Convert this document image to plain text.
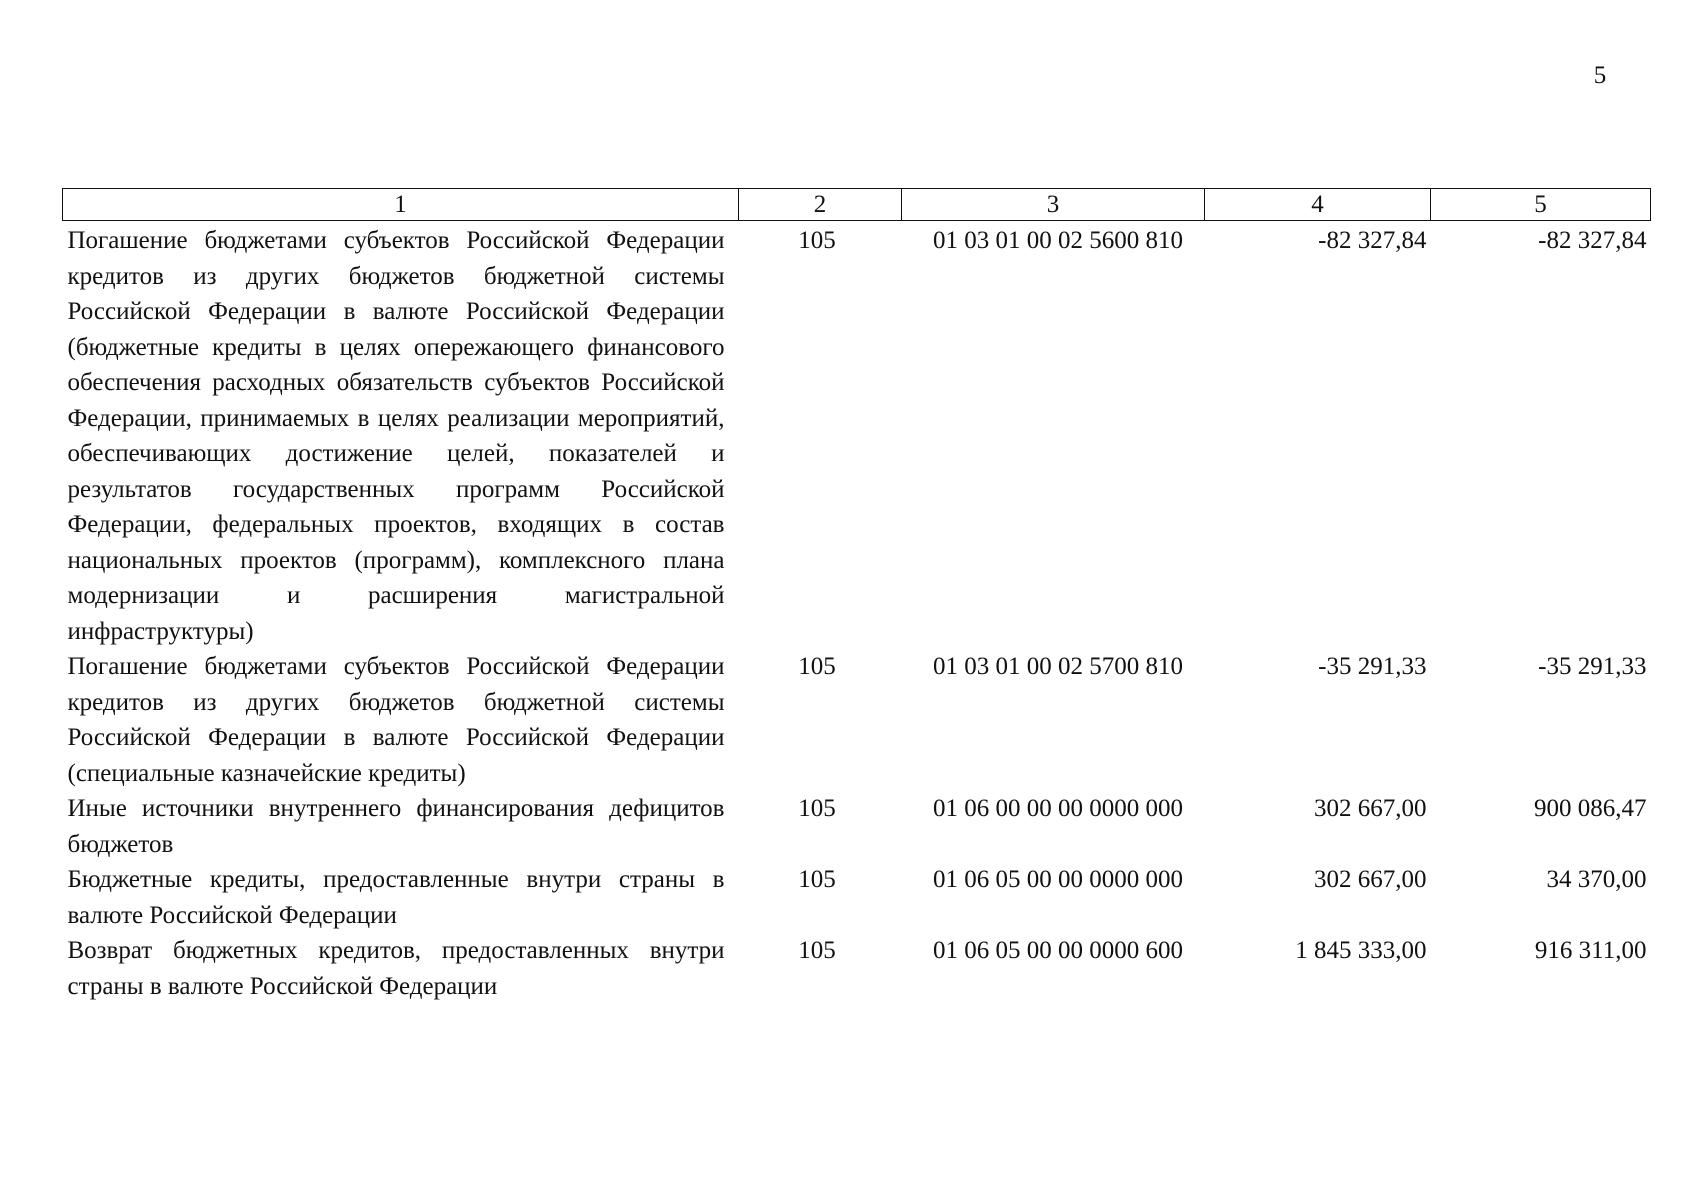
5
1	2	3	4	5
Погашение бюджетами субъектов Российской Федерации кредитов из других бюджетов бюджетной системы Российской Федерации в валюте Российской Федерации (бюджетные кредиты в целях опережающего финансового обеспечения расходных обязательств субъектов Российской Федерации, принимаемых в целях реализации мероприятий, обеспечивающих достижение целей, показателей и результатов государственных программ Российской Федерации, федеральных проектов, входящих в состав национальных проектов (программ), комплексного плана модернизации и расширения магистральной инфраструктуры)	105	01 03 01 00 02 5600 810	-82 327,84	-82 327,84
Погашение бюджетами субъектов Российской Федерации кредитов из других бюджетов бюджетной системы Российской Федерации в валюте Российской Федерации (специальные казначейские кредиты)	105	01 03 01 00 02 5700 810	-35 291,33	-35 291,33
Иные источники внутреннего финансирования дефицитов бюджетов	105	01 06 00 00 00 0000 000	302 667,00	900 086,47
Бюджетные кредиты, предоставленные внутри страны в валюте Российской Федерации	105	01 06 05 00 00 0000 000	302 667,00	34 370,00
Возврат бюджетных кредитов, предоставленных внутри страны в валюте Российской Федерации	105	01 06 05 00 00 0000 600	1 845 333,00	916 311,00
